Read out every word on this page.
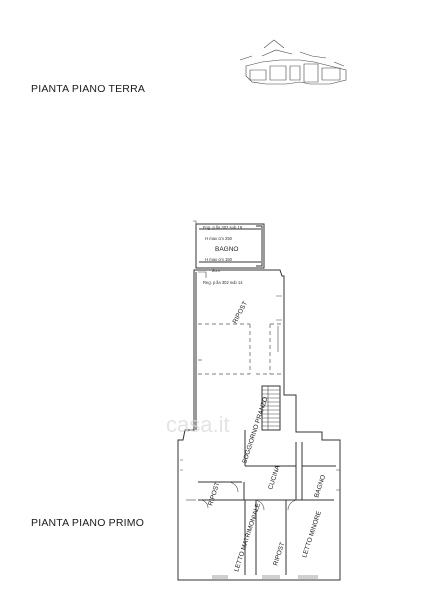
PIANTA PIANO TERRA
PIANTA PIANO PRIMO
Fog. p.lla 302 sub 18
H max cm 250
BAGNO
H max cm 150
2cm
Reg. p.lla 302 sub 14
RIPOST
SOGGIORNO PRANZO
CUCINA	BAGNO
RIPOST
LETTO MATRIMONIALE RIPOST LETTO MINORE
casa.it
